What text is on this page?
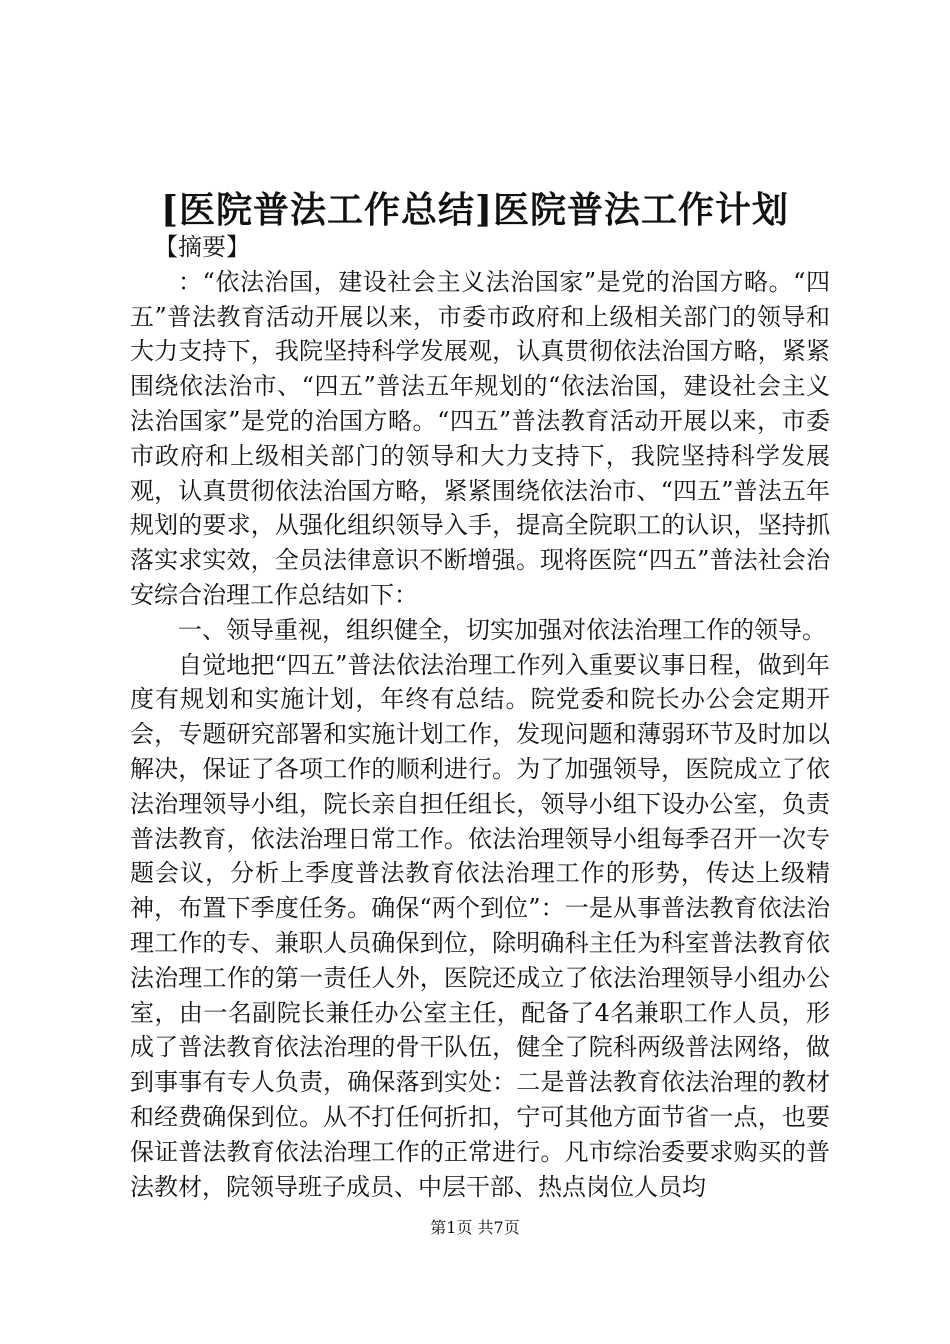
[医院普法工作总结]医院普法工作计划

【摘要】

：“依法治国，建设社会主义法治国家”是党的治国方略。“四五”普法教育活动开展以来，市委市政府和上级相关部门的领导和大力支持下，我院坚持科学发展观，认真贯彻依法治国方略，紧紧围绕依法治市、“四五”普法五年规划的“依法治国，建设社会主义法治国家”是党的治国方略。“四五”普法教育活动开展以来，市委市政府和上级相关部门的领导和大力支持下，我院坚持科学发展观，认真贯彻依法治国方略，紧紧围绕依法治市、“四五”普法五年规划的要求，从强化组织领导入手，提高全院职工的认识，坚持抓落实求实效，全员法律意识不断增强。现将医院“四五”普法社会治安综合治理工作总结如下：

一、领导重视，组织健全，切实加强对依法治理工作的领导。

自觉地把“四五”普法依法治理工作列入重要议事日程，做到年度有规划和实施计划，年终有总结。院党委和院长办公会定期开会，专题研究部署和实施计划工作，发现问题和薄弱环节及时加以解决，保证了各项工作的顺利进行。为了加强领导，医院成立了依法治理领导小组，院长亲自担任组长，领导小组下设办公室，负责普法教育，依法治理日常工作。依法治理领导小组每季召开一次专题会议，分析上季度普法教育依法治理工作的形势，传达上级精神，布置下季度任务。确保“两个到位”：一是从事普法教育依法治理工作的专、兼职人员确保到位，除明确科主任为科室普法教育依法治理工作的第一责任人外，医院还成立了依法治理领导小组办公室，由一名副院长兼任办公室主任，配备了4名兼职工作人员，形成了普法教育依法治理的骨干队伍，健全了院科两级普法网络，做到事事有专人负责，确保落到实处：二是普法教育依法治理的教材和经费确保到位。从不打任何折扣，宁可其他方面节省一点，也要保证普法教育依法治理工作的正常进行。凡市综治委要求购买的普法教材，院领导班子成员、中层干部、热点岗位人员均

第1页 共7页
